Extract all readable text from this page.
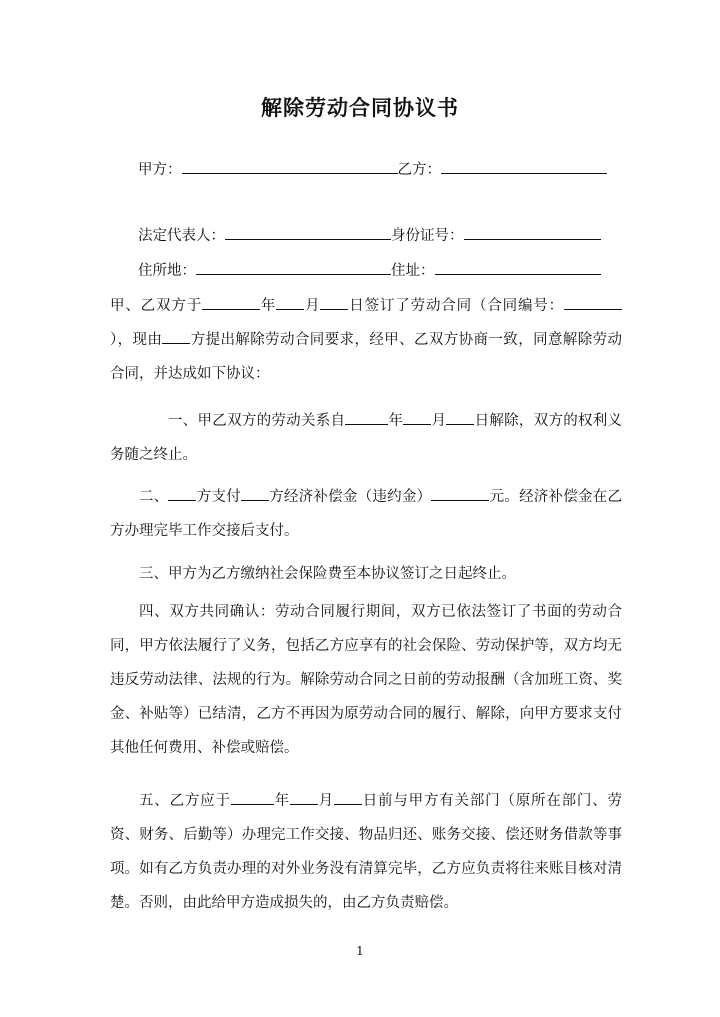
解除劳动合同协议书
甲方：	乙方：
法定代表人：	身份证号：
住所地：	住址：
甲、乙双方于	年 月 日签订了劳动合同（合同编号：），现由 方提出解除劳动合同要求，经甲、乙双方协商一致，同意解除劳动合同，并达成如下协议：
一、甲乙双方的劳动关系自	年 月 日解除，双方的权利义务随之终止。
二、 方支付 方经济补偿金（违约金）	元。经济补偿金在乙方办理完毕工作交接后支付。
三、甲方为乙方缴纳社会保险费至本协议签订之日起终止。
四、双方共同确认：劳动合同履行期间，双方已依法签订了书面的劳动合同，甲方依法履行了义务，包括乙方应享有的社会保险、劳动保护等，双方均无违反劳动法律、法规的行为。解除劳动合同之日前的劳动报酬（含加班工资、奖金、补贴等）已结清，乙方不再因为原劳动合同的履行、解除，向甲方要求支付其他任何费用、补偿或赔偿。
五、乙方应于	年 月 日前与甲方有关部门（原所在部门、劳资、财务、后勤等）办理完工作交接、物品归还、账务交接、偿还财务借款等事项。如有乙方负责办理的对外业务没有清算完毕，乙方应负责将往来账目核对清楚。否则，由此给甲方造成损失的，由乙方负责赔偿。
1
